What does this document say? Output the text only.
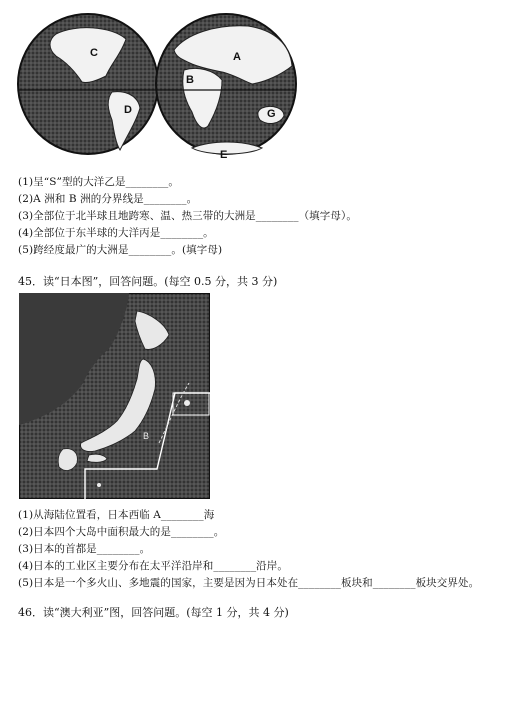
C	A
B
D	G
E
(1)呈“S”型的大洋乙是________。
(2)A 洲和 B 洲的分界线是________。
(3)全部位于北半球且地跨寒、温、热三带的大洲是________（填字母）。
(4)全部位于东半球的大洋丙是________。
(5)跨经度最广的大洲是________。(填字母)
45．读“日本图”，回答问题。(每空 0.5 分，共 3 分)
B
(1)从海陆位置看，日本西临 A________海
(2)日本四个大岛中面积最大的是________。
(3)日本的首都是________。
(4)日本的工业区主要分布在太平洋沿岸和________沿岸。
(5)日本是一个多火山、多地震的国家，主要是因为日本处在________板块和________板块交界处。
46．读“澳大利亚”图，回答问题。(每空 1 分，共 4 分)
